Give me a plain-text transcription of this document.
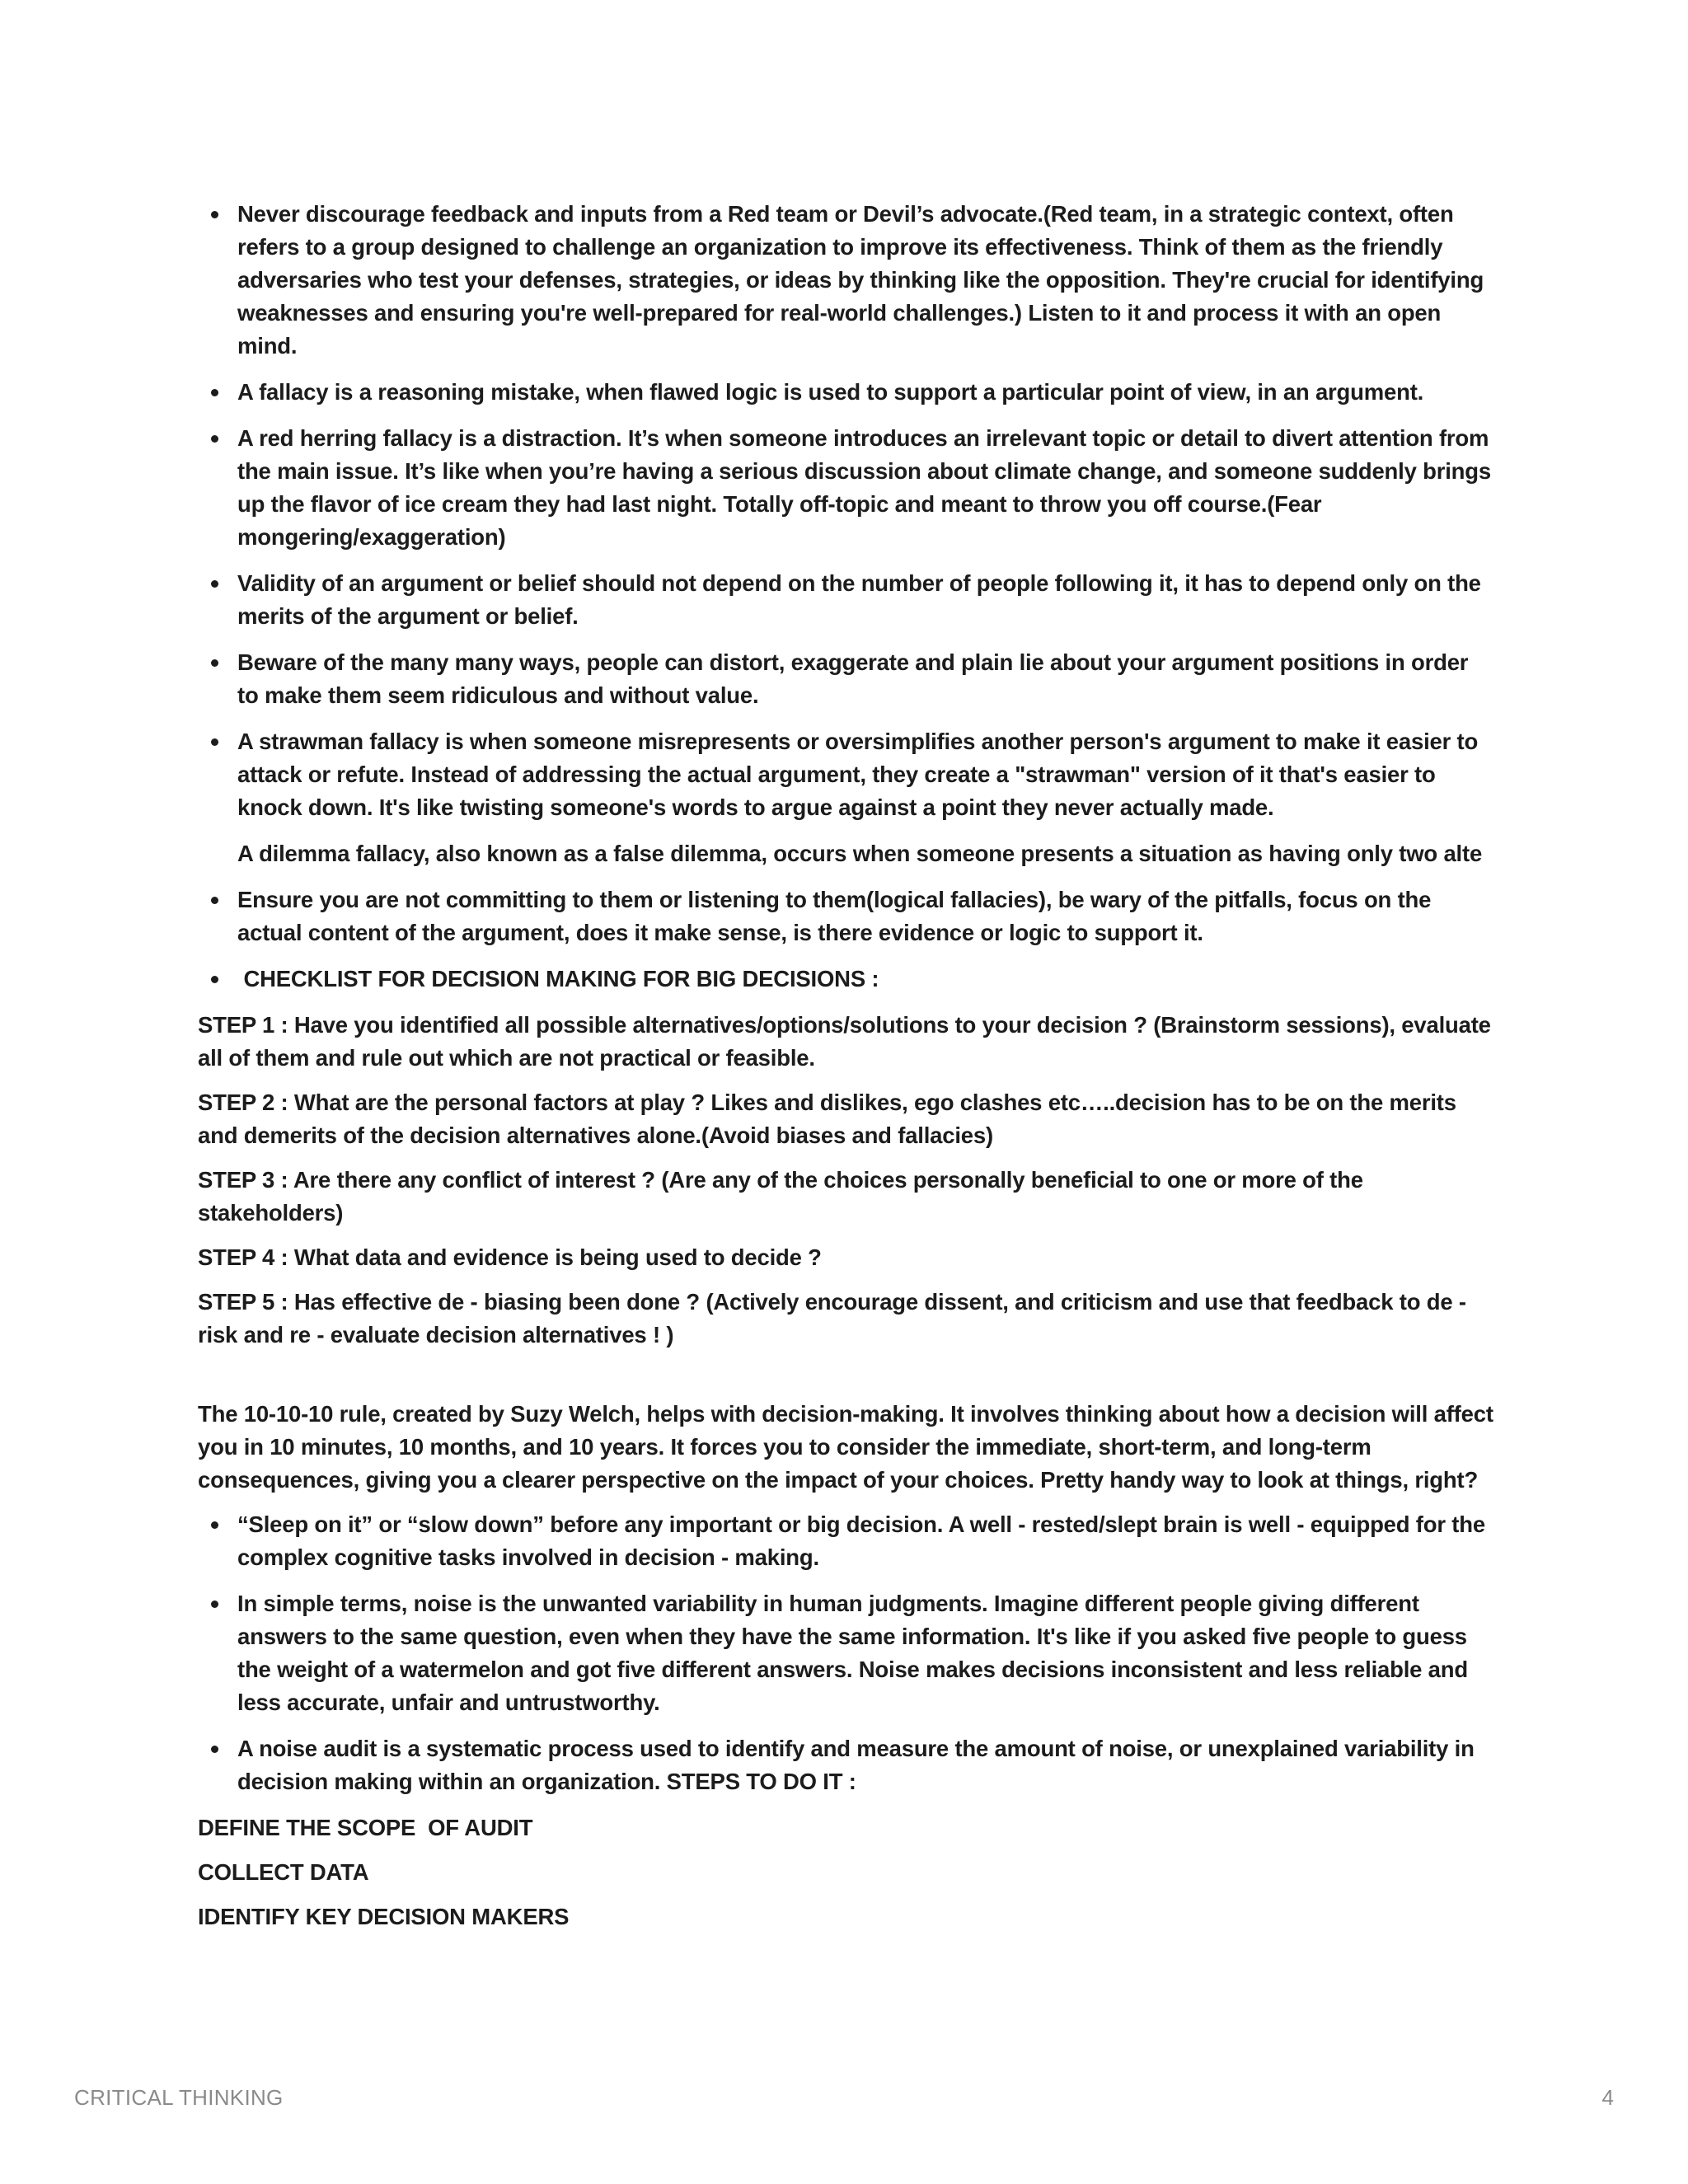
Never discourage feedback and inputs from a Red team or Devil’s advocate.(Red team, in a strategic context, often refers to a group designed to challenge an organization to improve its effectiveness. Think of them as the friendly adversaries who test your defenses, strategies, or ideas by thinking like the opposition. They're crucial for identifying weaknesses and ensuring you're well-prepared for real-world challenges.) Listen to it and process it with an open mind.
A fallacy is a reasoning mistake, when flawed logic is used to support a particular point of view, in an argument.
A red herring fallacy is a distraction. It’s when someone introduces an irrelevant topic or detail to divert attention from the main issue. It’s like when you’re having a serious discussion about climate change, and someone suddenly brings up the flavor of ice cream they had last night. Totally off-topic and meant to throw you off course.(Fear mongering/exaggeration)
Validity of an argument or belief should not depend on the number of people following it, it has to depend only on the merits of the argument or belief.
Beware of the many many ways, people can distort, exaggerate and plain lie about your argument positions in order to make them seem ridiculous and without value.
A strawman fallacy is when someone misrepresents or oversimplifies another person's argument to make it easier to attack or refute. Instead of addressing the actual argument, they create a "strawman" version of it that's easier to knock down. It's like twisting someone's words to argue against a point they never actually made.
A dilemma fallacy, also known as a false dilemma, occurs when someone presents a situation as having only two alte
Ensure you are not committing to them or listening to them(logical fallacies), be wary of the pitfalls, focus on the actual content of the argument, does it make sense, is there evidence or logic to support it.
CHECKLIST FOR DECISION MAKING FOR BIG DECISIONS :

STEP 1 : Have you identified all possible alternatives/options/solutions to your decision ? (Brainstorm sessions), evaluate all of them and rule out which are not practical or feasible.

STEP 2 : What are the personal factors at play ? Likes and dislikes, ego clashes etc…..decision has to be on the merits and demerits of the decision alternatives alone.(Avoid biases and fallacies)

STEP 3 : Are there any conflict of interest ? (Are any of the choices personally beneficial to one or more of the stakeholders)

STEP 4 : What data and evidence is being used to decide ?

STEP 5 : Has effective de - biasing been done ? (Actively encourage dissent, and criticism and use that feedback to de - risk and re - evaluate decision alternatives ! )

The 10-10-10 rule, created by Suzy Welch, helps with decision-making. It involves thinking about how a decision will affect you in 10 minutes, 10 months, and 10 years. It forces you to consider the immediate, short-term, and long-term consequences, giving you a clearer perspective on the impact of your choices. Pretty handy way to look at things, right?

“Sleep on it” or “slow down” before any important or big decision. A well - rested/slept brain is well - equipped for the complex cognitive tasks involved in decision - making.
In simple terms, noise is the unwanted variability in human judgments. Imagine different people giving different answers to the same question, even when they have the same information. It's like if you asked five people to guess the weight of a watermelon and got five different answers. Noise makes decisions inconsistent and less reliable and less accurate, unfair and untrustworthy.
A noise audit is a systematic process used to identify and measure the amount of noise, or unexplained variability in decision making within an organization. STEPS TO DO IT :

DEFINE THE SCOPE  OF AUDIT

COLLECT DATA

IDENTIFY KEY DECISION MAKERS

CRITICAL THINKING	4
